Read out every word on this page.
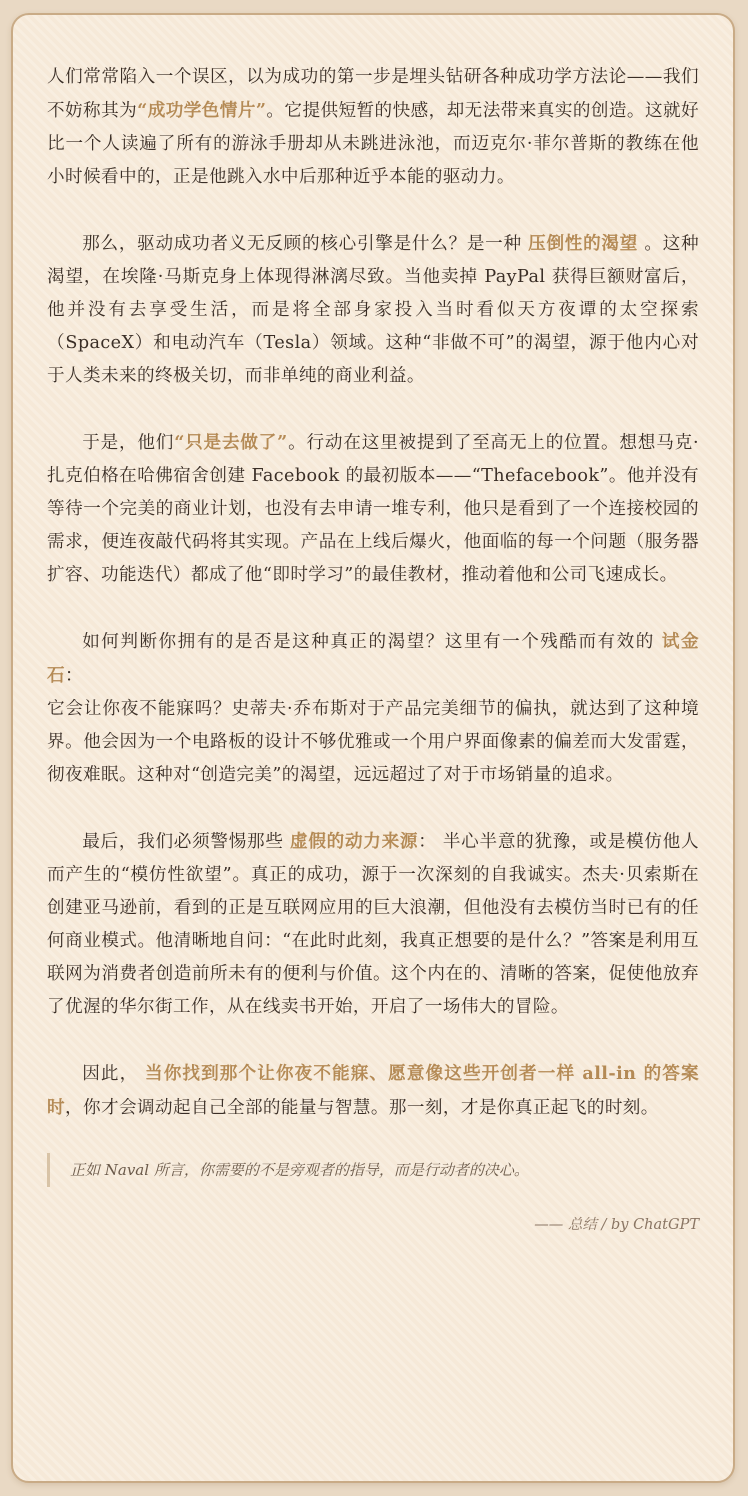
人们常常陷入一个误区，以为成功的第一步是埋头钻研各种成功学方法论——我们不妨称其为“成功学色情片”。它提供短暂的快感，却无法带来真实的创造。这就好比一个人读遍了所有的游泳手册却从未跳进泳池，而迈克尔·菲尔普斯的教练在他小时候看中的，正是他跳入水中后那种近乎本能的驱动力。

那么，驱动成功者义无反顾的核心引擎是什么？是一种 压倒性的渴望 。这种渴望，在埃隆·马斯克身上体现得淋漓尽致。当他卖掉 PayPal 获得巨额财富后，他并没有去享受生活，而是将全部身家投入当时看似天方夜谭的太空探索（SpaceX）和电动汽车（Tesla）领域。这种“非做不可”的渴望，源于他内心对于人类未来的终极关切，而非单纯的商业利益。

于是，他们“只是去做了”。行动在这里被提到了至高无上的位置。想想马克·扎克伯格在哈佛宿舍创建 Facebook 的最初版本——“Thefacebook”。他并没有等待一个完美的商业计划，也没有去申请一堆专利，他只是看到了一个连接校园的需求，便连夜敲代码将其实现。产品在上线后爆火，他面临的每一个问题（服务器扩容、功能迭代）都成了他“即时学习”的最佳教材，推动着他和公司飞速成长。

如何判断你拥有的是否是这种真正的渴望？这里有一个残酷而有效的 试金石：

它会让你夜不能寐吗？史蒂夫·乔布斯对于产品完美细节的偏执，就达到了这种境界。他会因为一个电路板的设计不够优雅或一个用户界面像素的偏差而大发雷霆，彻夜难眠。这种对“创造完美”的渴望，远远超过了对于市场销量的追求。

最后，我们必须警惕那些 虚假的动力来源： 半心半意的犹豫，或是模仿他人而产生的“模仿性欲望”。真正的成功，源于一次深刻的自我诚实。杰夫·贝索斯在创建亚马逊前，看到的正是互联网应用的巨大浪潮，但他没有去模仿当时已有的任何商业模式。他清晰地自问：“在此时此刻，我真正想要的是什么？”答案是利用互联网为消费者创造前所未有的便利与价值。这个内在的、清晰的答案，促使他放弃了优渥的华尔街工作，从在线卖书开始，开启了一场伟大的冒险。

因此， 当你找到那个让你夜不能寐、愿意像这些开创者一样 all-in 的答案时，你才会调动起自己全部的能量与智慧。那一刻，才是你真正起飞的时刻。

正如 Naval 所言，你需要的不是旁观者的指导，而是行动者的决心。
—— 总结 / by ChatGPT
